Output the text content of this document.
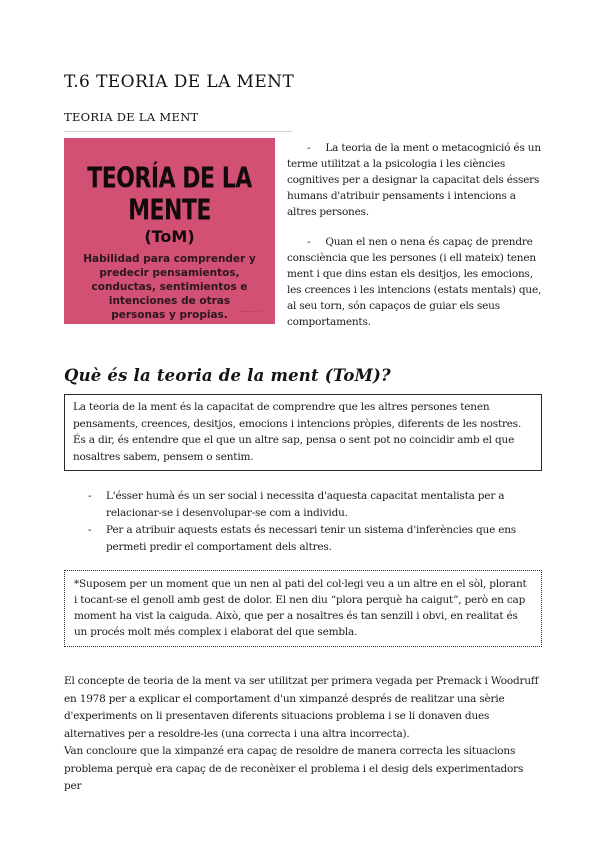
T.6 TEORIA DE LA MENT
TEORIA DE LA MENT
TEORÍA DE LA MENTE
(ToM)
Habilidad para comprender y predecir pensamientos, conductas, sentimientos e intenciones de otras personas y propias.	·–·–·–·–

- La teoria de la ment o metacognició és un terme utilitzat a la psicologia i les ciències cognitives per a designar la capacitat dels éssers humans d'atribuir pensaments i intencions a altres persones.

- Quan el nen o nena és capaç de prendre consciència que les persones (i ell mateix) tenen ment i que dins estan els desitjos, les emocions, les creences i les intencions (estats mentals) que, al seu torn, són capaços de guiar els seus comportaments.

Què és la teoria de la ment (ToM)?

La teoria de la ment és la capacitat de comprendre que les altres persones tenen pensaments, creences, desitjos, emocions i intencions pròpies, diferents de les nostres. És a dir, és entendre que el que un altre sap, pensa o sent pot no coincidir amb el que nosaltres sabem, pensem o sentim.

-	L'ésser humà és un ser social i necessita d'aquesta capacitat mentalista per a relacionar-se i desenvolupar-se com a individu.

-	Per a atribuir aquests estats és necessari tenir un sistema d'inferències que ens permeti predir el comportament dels altres.

*Suposem per un moment que un nen al pati del col·legi veu a un altre en el sòl, plorant i tocant-se el genoll amb gest de dolor. El nen diu “plora perquè ha caigut”, però en cap moment ha vist la caiguda. Això, que per a nosaltres és tan senzill i obvi, en realitat és un procés molt més complex i elaborat del que sembla.

El concepte de teoria de la ment va ser utilitzat per primera vegada per Premack i Woodruff en 1978 per a explicar el comportament d'un ximpanzé després de realitzar una sèrie d'experiments on li presentaven diferents situacions problema i se li donaven dues alternatives per a resoldre-les (una correcta i una altra incorrecta).

Van concloure que la ximpanzé era capaç de resoldre de manera correcta les situacions problema perquè era capaç de de reconèixer el problema i el desig dels experimentadors per
